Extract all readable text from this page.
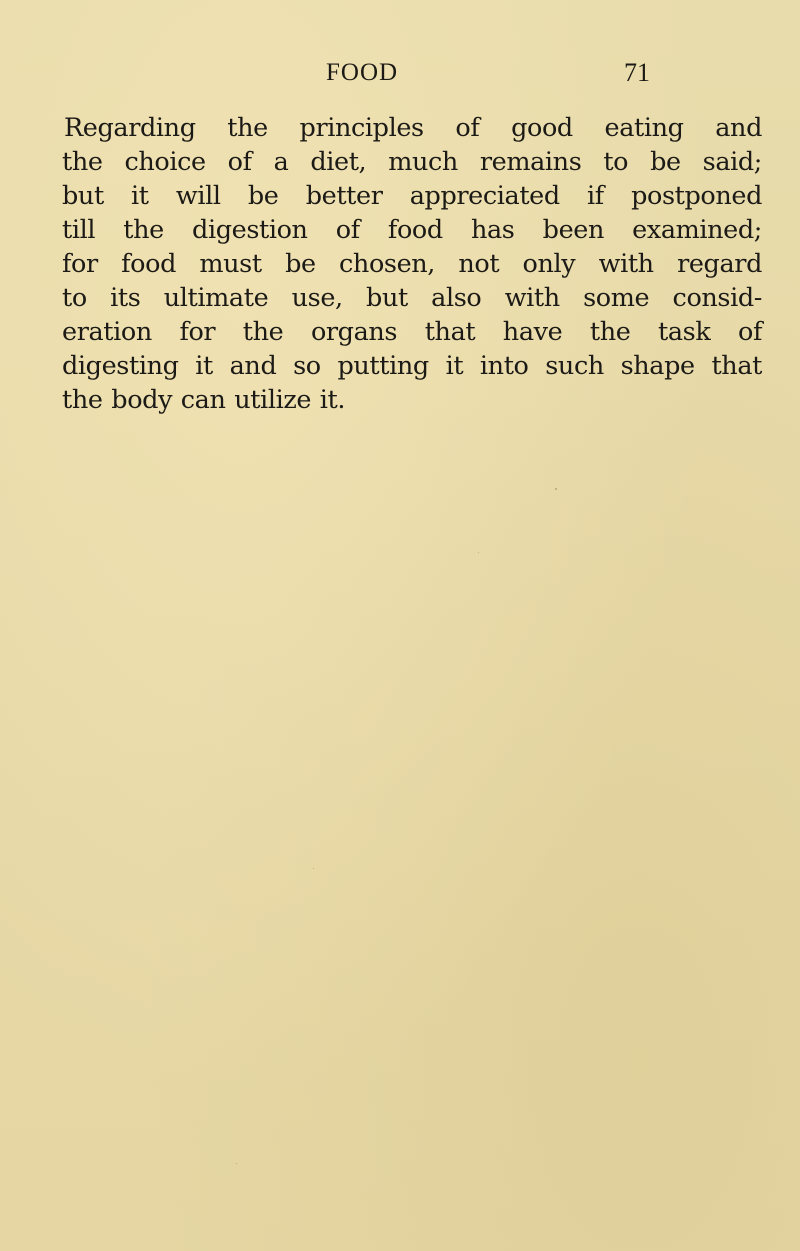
FOOD	71
Regarding the principles of good eating and
the choice of a diet, much remains to be said;
but it will be better appreciated if postponed
till the digestion of food has been examined;
for food must be chosen, not only with regard
to its ultimate use, but also with some consid-
eration for the organs that have the task of
digesting it and so putting it into such shape that
the body can utilize it.
